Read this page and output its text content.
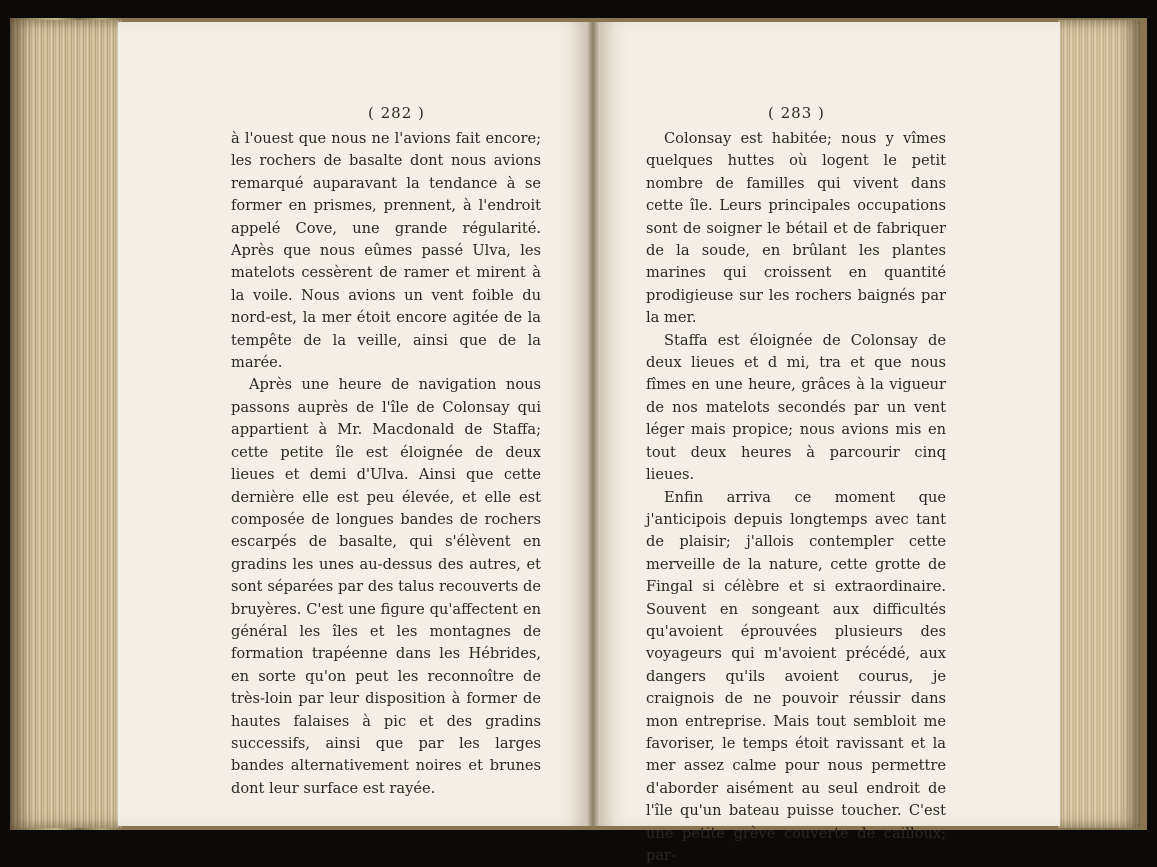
( 282 )

à l'ouest que nous ne l'avions fait encore; les rochers de basalte dont nous avions remarqué auparavant la tendance à se former en prismes, prennent, à l'endroit appelé Cove, une grande régularité. Après que nous eûmes passé Ulva, les matelots cessèrent de ramer et mirent à la voile. Nous avions un vent foible du nord-est, la mer étoit encore agitée de la tempête de la veille, ainsi que de la marée.

Après une heure de navigation nous passons auprès de l'île de Colonsay qui appartient à Mr. Macdonald de Staffa; cette petite île est éloignée de deux lieues et demi d'Ulva. Ainsi que cette dernière elle est peu élevée, et elle est composée de longues bandes de rochers escarpés de basalte, qui s'élèvent en gradins les unes au-dessus des autres, et sont séparées par des talus recouverts de bruyères. C'est une figure qu'affectent en général les îles et les montagnes de formation trapéenne dans les Hébrides, en sorte qu'on peut les reconnoître de très-loin par leur disposition à former de hautes falaises à pic et des gradins successifs, ainsi que par les larges bandes alternativement noires et brunes dont leur surface est rayée.

( 283 )

Colonsay est habitée; nous y vîmes quelques huttes où logent le petit nombre de familles qui vivent dans cette île. Leurs principales occupations sont de soigner le bétail et de fabriquer de la soude, en brûlant les plantes marines qui croissent en quantité prodigieuse sur les rochers baignés par la mer.

Staffa est éloignée de Colonsay de deux lieues et d mi, tra et que nous fîmes en une heure, grâces à la vigueur de nos matelots secondés par un vent léger mais propice; nous avions mis en tout deux heures à parcourir cinq lieues.

Enfin arriva ce moment que j'anticipois depuis longtemps avec tant de plaisir; j'allois contempler cette merveille de la nature, cette grotte de Fingal si célèbre et si extraordinaire. Souvent en songeant aux difficultés qu'avoient éprouvées plusieurs des voyageurs qui m'avoient précédé, aux dangers qu'ils avoient courus, je craignois de ne pouvoir réussir dans mon entreprise. Mais tout sembloit me favoriser, le temps étoit ravissant et la mer assez calme pour nous permettre d'aborder aisément au seul endroit de l'île qu'un bateau puisse toucher. C'est une petite grève couverte de cailloux; par-
